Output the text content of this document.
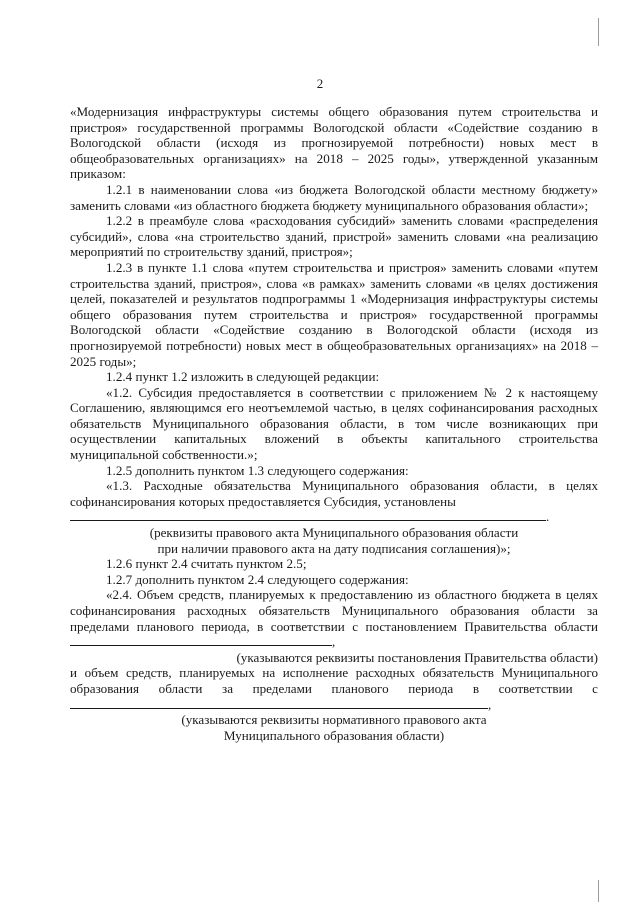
2

«Модернизация инфраструктуры системы общего образования путем строительства и пристроя» государственной программы Вологодской области «Содействие созданию в Вологодской области (исходя из прогнозируемой потребности) новых мест в общеобразовательных организациях» на 2018 – 2025 годы», утвержденной указанным приказом:

1.2.1 в наименовании слова «из бюджета Вологодской области местному бюджету» заменить словами «из областного бюджета бюджету муниципального образования области»;

1.2.2 в преамбуле слова «расходования субсидий» заменить словами «распределения субсидий», слова «на строительство зданий, пристрой» заменить словами «на реализацию мероприятий по строительству зданий, пристроя»;

1.2.3 в пункте 1.1 слова «путем строительства и пристроя» заменить словами «путем строительства зданий, пристроя», слова «в рамках» заменить словами «в целях достижения целей, показателей и результатов подпрограммы 1 «Модернизация инфраструктуры системы общего образования путем строительства и пристроя» государственной программы Вологодской области «Содействие созданию в Вологодской области (исходя из прогнозируемой потребности) новых мест в общеобразовательных организациях» на 2018 – 2025 годы»;

1.2.4 пункт 1.2 изложить в следующей редакции:

«1.2. Субсидия предоставляется в соответствии с приложением № 2 к настоящему Соглашению, являющимся его неотъемлемой частью, в целях софинансирования расходных обязательств Муниципального образования области, в том числе возникающих при осуществлении капитальных вложений в объекты капитального строительства муниципальной собственности.»;

1.2.5 дополнить пунктом 1.3 следующего содержания:

«1.3. Расходные обязательства Муниципального образования области, в целях софинансирования которых предоставляется Субсидия, установлены

.

(реквизиты правового акта Муниципального образования области

при наличии правового акта на дату подписания соглашения)»;

1.2.6 пункт 2.4 считать пунктом 2.5;

1.2.7 дополнить пунктом 2.4 следующего содержания:

«2.4. Объем средств, планируемых к предоставлению из областного бюджета в целях софинансирования расходных обязательств Муниципального образования области за пределами планового периода, в соответствии с постановлением Правительства области,

(указываются реквизиты постановления Правительства области)

и объем средств, планируемых на исполнение расходных обязательств Муниципального образования области за пределами планового периода в соответствии с ,

(указываются реквизиты нормативного правового акта

Муниципального образования области)
